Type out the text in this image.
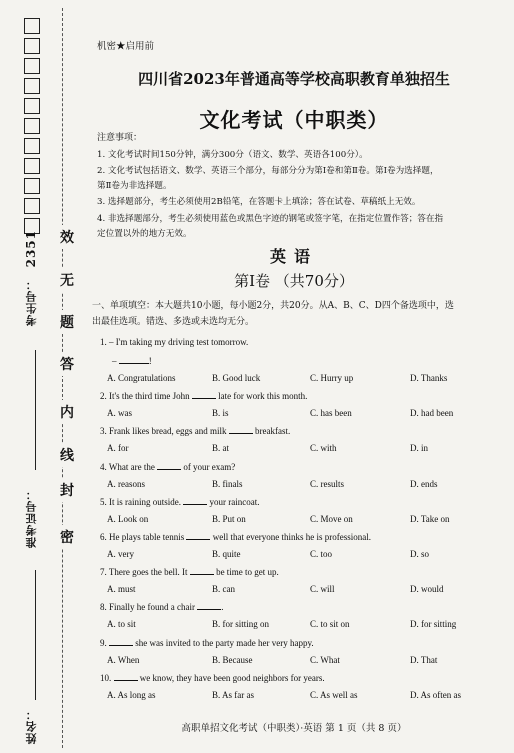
2351
考生号：
准考证号：
姓名：
密
封
线
内
答
题
无
效
机密★启用前
四川省2023年普通高等学校高职教育单独招生
文化考试（中职类）
注意事项：
1. 文化考试时间150分钟，满分300分（语文、数学、英语各100分）。
2. 文化考试包括语文、数学、英语三个部分，每部分分为第Ⅰ卷和第Ⅱ卷。第Ⅰ卷为选择题，
第Ⅱ卷为非选择题。
3. 选择题部分，考生必须使用2B铅笔，在答题卡上填涂；答在试卷、草稿纸上无效。
4. 非选择题部分，考生必须使用蓝色或黑色字迹的钢笔或签字笔，在指定位置作答；答在指
定位置以外的地方无效。
英语
第Ⅰ卷 （共70分）
一、单项填空：本大题共10小题，每小题2分，共20分。从A、B、C、D四个备选项中，选
出最佳选项。错选、多选或未选均无分。
1. – I'm taking my driving test tomorrow.
–	!
A. Congratulations	B. Good luck	C. Hurry up	D. Thanks
2. It's the third time John	late for work this month.
A. was	B. is	C. has been	D. had been
3. Frank likes bread, eggs and milk	breakfast.
A. for	B. at	C. with	D. in
4. What are the	of your exam?
A. reasons	B. finals	C. results	D. ends
5. It is raining outside.	your raincoat.
A. Look on	B. Put on	C. Move on	D. Take on
6. He plays table tennis	well that everyone thinks he is professional.
A. very	B. quite	C. too	D. so
7. There goes the bell. It	be time to get up.
A. must	B. can	C. will	D. would
8. Finally he found a chair	.
A. to sit	B. for sitting on	C. to sit on	D. for sitting
9.	she was invited to the party made her very happy.
A. When	B. Because	C. What	D. That
10.	we know, they have been good neighbors for years.
A. As long as	B. As far as	C. As well as	D. As often as
高职单招文化考试（中职类）·英语 第 1 页（共 8 页）
